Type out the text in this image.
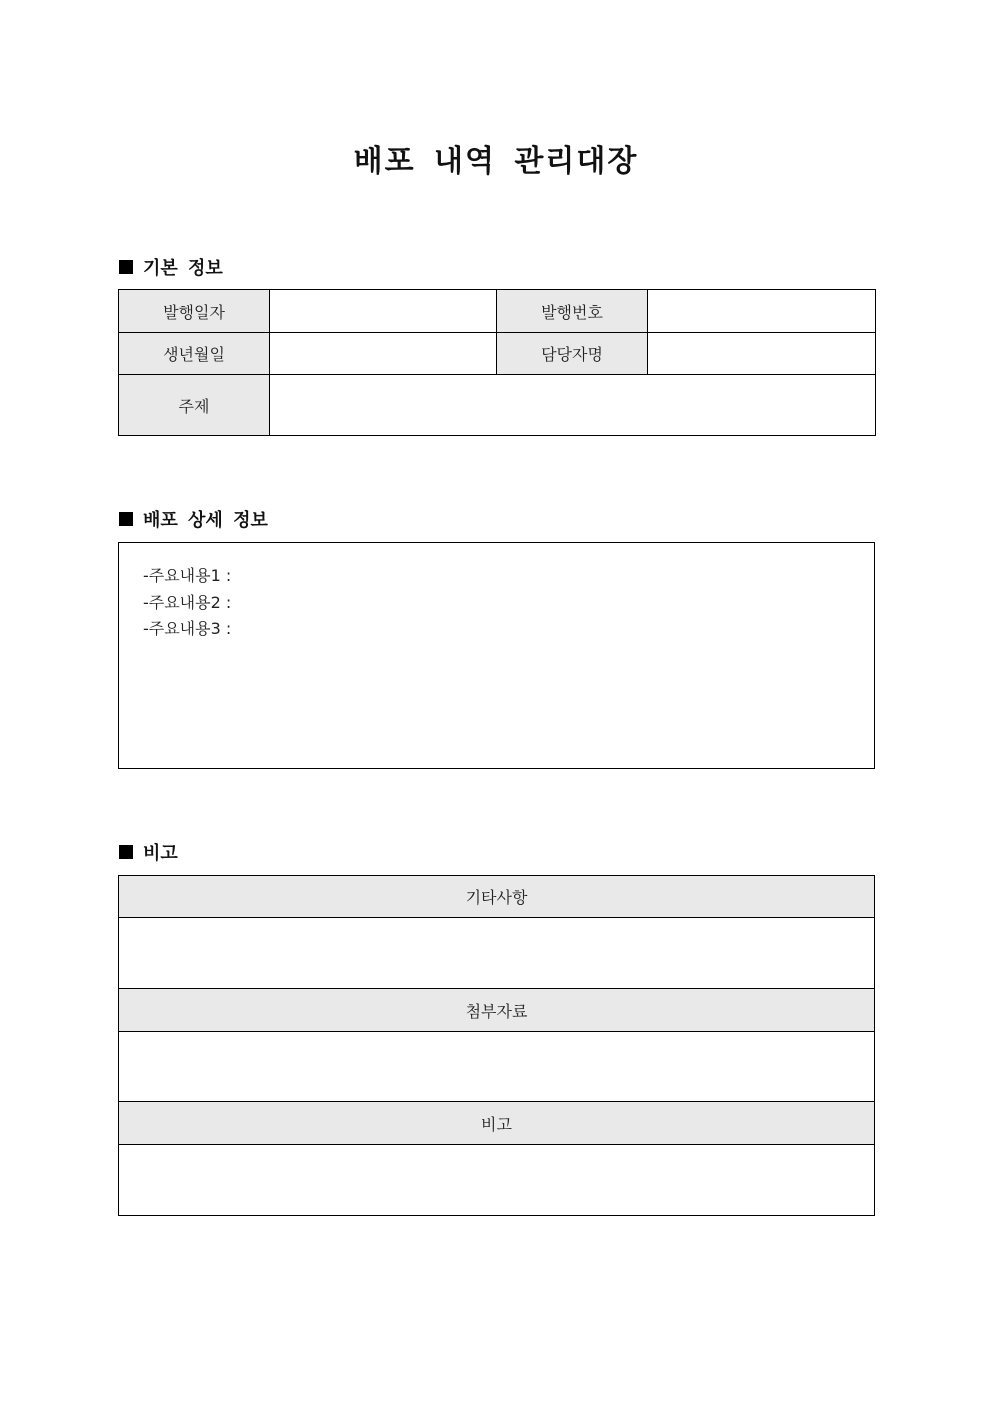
배포 내역 관리대장
기본 정보
발행일자		발행번호	
생년월일		담당자명	
주제			
배포 상세 정보
-주요내용1 :
-주요내용2 :
-주요내용3 :
비고
기타사항

첨부자료

비고
